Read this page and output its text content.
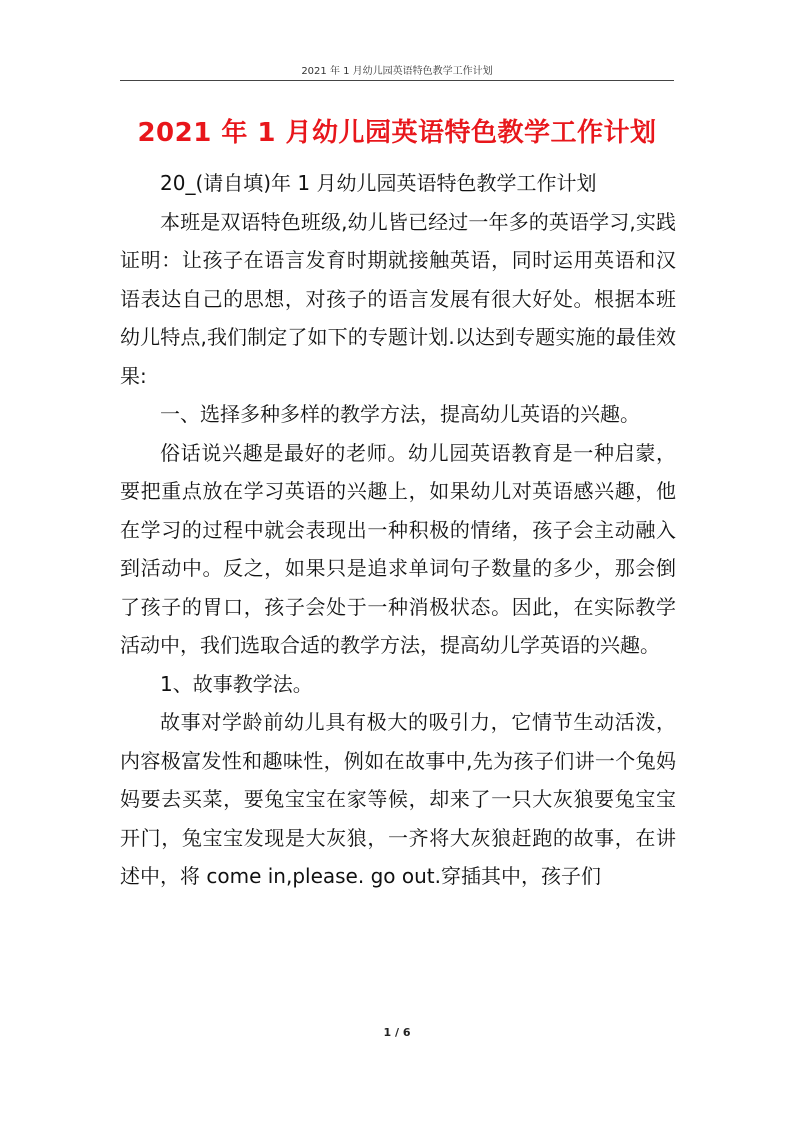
2021 年 1 月幼儿园英语特色教学工作计划
2021 年 1 月幼儿园英语特色教学工作计划

20_(请自填)年 1 月幼儿园英语特色教学工作计划

本班是双语特色班级,幼儿皆已经过一年多的英语学习,实践证明：让孩子在语言发育时期就接触英语，同时运用英语和汉语表达自己的思想，对孩子的语言发展有很大好处。根据本班幼儿特点,我们制定了如下的专题计划.以达到专题实施的最佳效果:

一、选择多种多样的教学方法，提高幼儿英语的兴趣。

俗话说兴趣是最好的老师。幼儿园英语教育是一种启蒙，要把重点放在学习英语的兴趣上，如果幼儿对英语感兴趣，他在学习的过程中就会表现出一种积极的情绪，孩子会主动融入到活动中。反之，如果只是追求单词句子数量的多少，那会倒了孩子的胃口，孩子会处于一种消极状态。因此，在实际教学活动中，我们选取合适的教学方法，提高幼儿学英语的兴趣。

1、故事教学法。

故事对学龄前幼儿具有极大的吸引力，它情节生动活泼，内容极富发性和趣味性，例如在故事中,先为孩子们讲一个兔妈妈要去买菜，要兔宝宝在家等候，却来了一只大灰狼要兔宝宝开门，兔宝宝发现是大灰狼，一齐将大灰狼赶跑的故事，在讲述中，将 come in,please. go out.穿插其中，孩子们

1 / 6
